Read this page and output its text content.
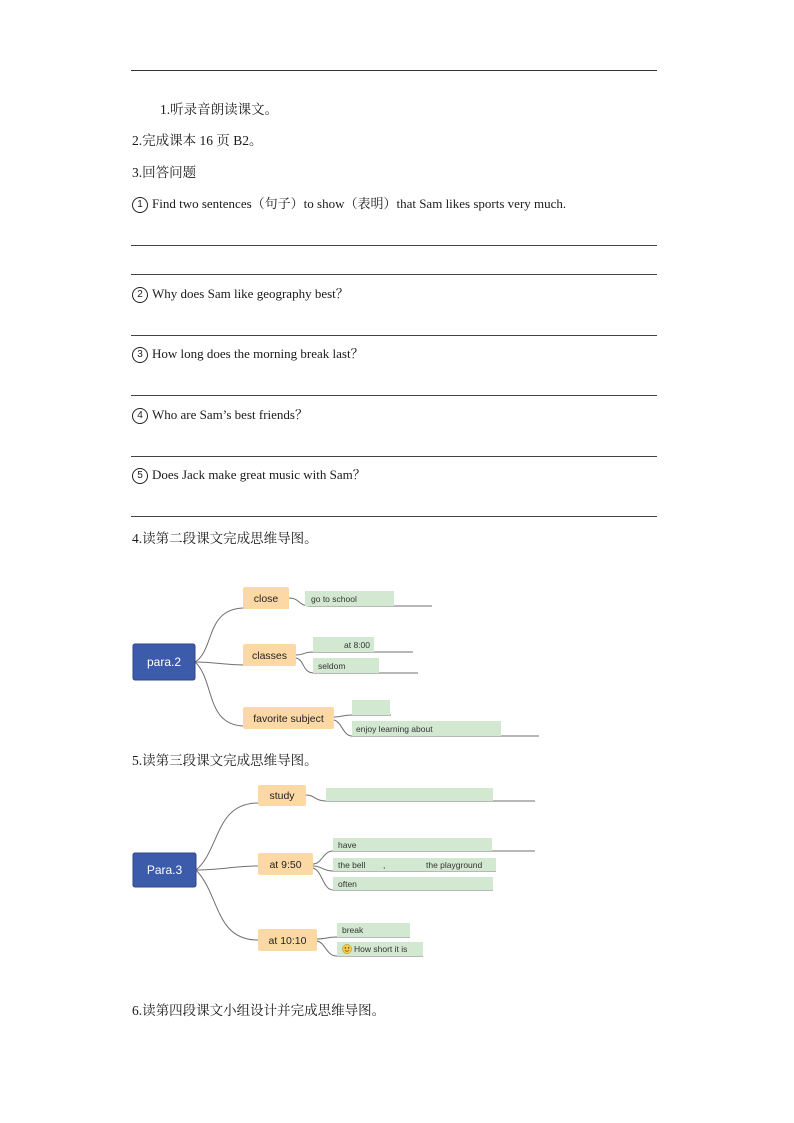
1.听录音朗读课文。
2.完成课本 16 页 B2。
3.回答问题
1 Find two sentences（句子）to show（表明）that Sam likes sports very much.
2 Why does Sam like geography best？
3 How long does the morning break last？
4 Who are Sam’s best friends？
5 Does Jack make great music with Sam？
4.读第二段课文完成思维导图。
5.读第三段课文完成思维导图。
6.读第四段课文小组设计并完成思维导图。
para.2
close	go to school
classes
at 8:00
seldom
favorite subject
enjoy learning about
Para.3
study
at 9:50
have
the bell ,	the playground
often
at 10:10
break
How short it is
